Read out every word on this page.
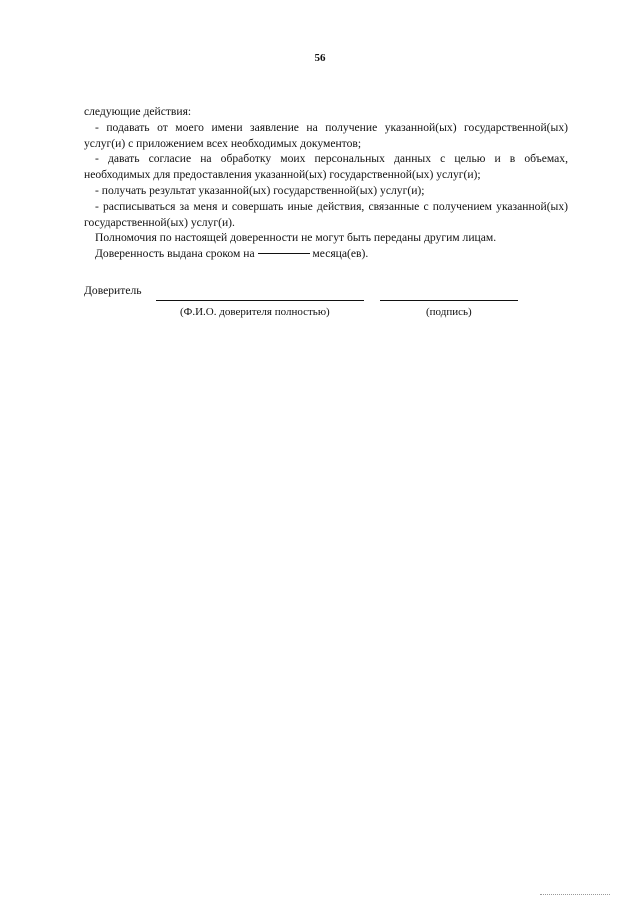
56
следующие действия:
- подавать от моего имени заявление на получение указанной(ых) государственной(ых)
услуг(и) с приложением всех необходимых документов;
- давать согласие на обработку моих персональных данных с целью и в объемах,
необходимых для предоставления указанной(ых) государственной(ых) услуг(и);
- получать результат указанной(ых) государственной(ых) услуг(и);
- расписываться за меня и совершать иные действия, связанные с получением указанной(ых)
государственной(ых) услуг(и).
Полномочия по настоящей доверенности не могут быть переданы другим лицам.
Доверенность выдана сроком на	месяца(ев).
Доверитель
(Ф.И.О. доверителя полностью)	(подпись)
